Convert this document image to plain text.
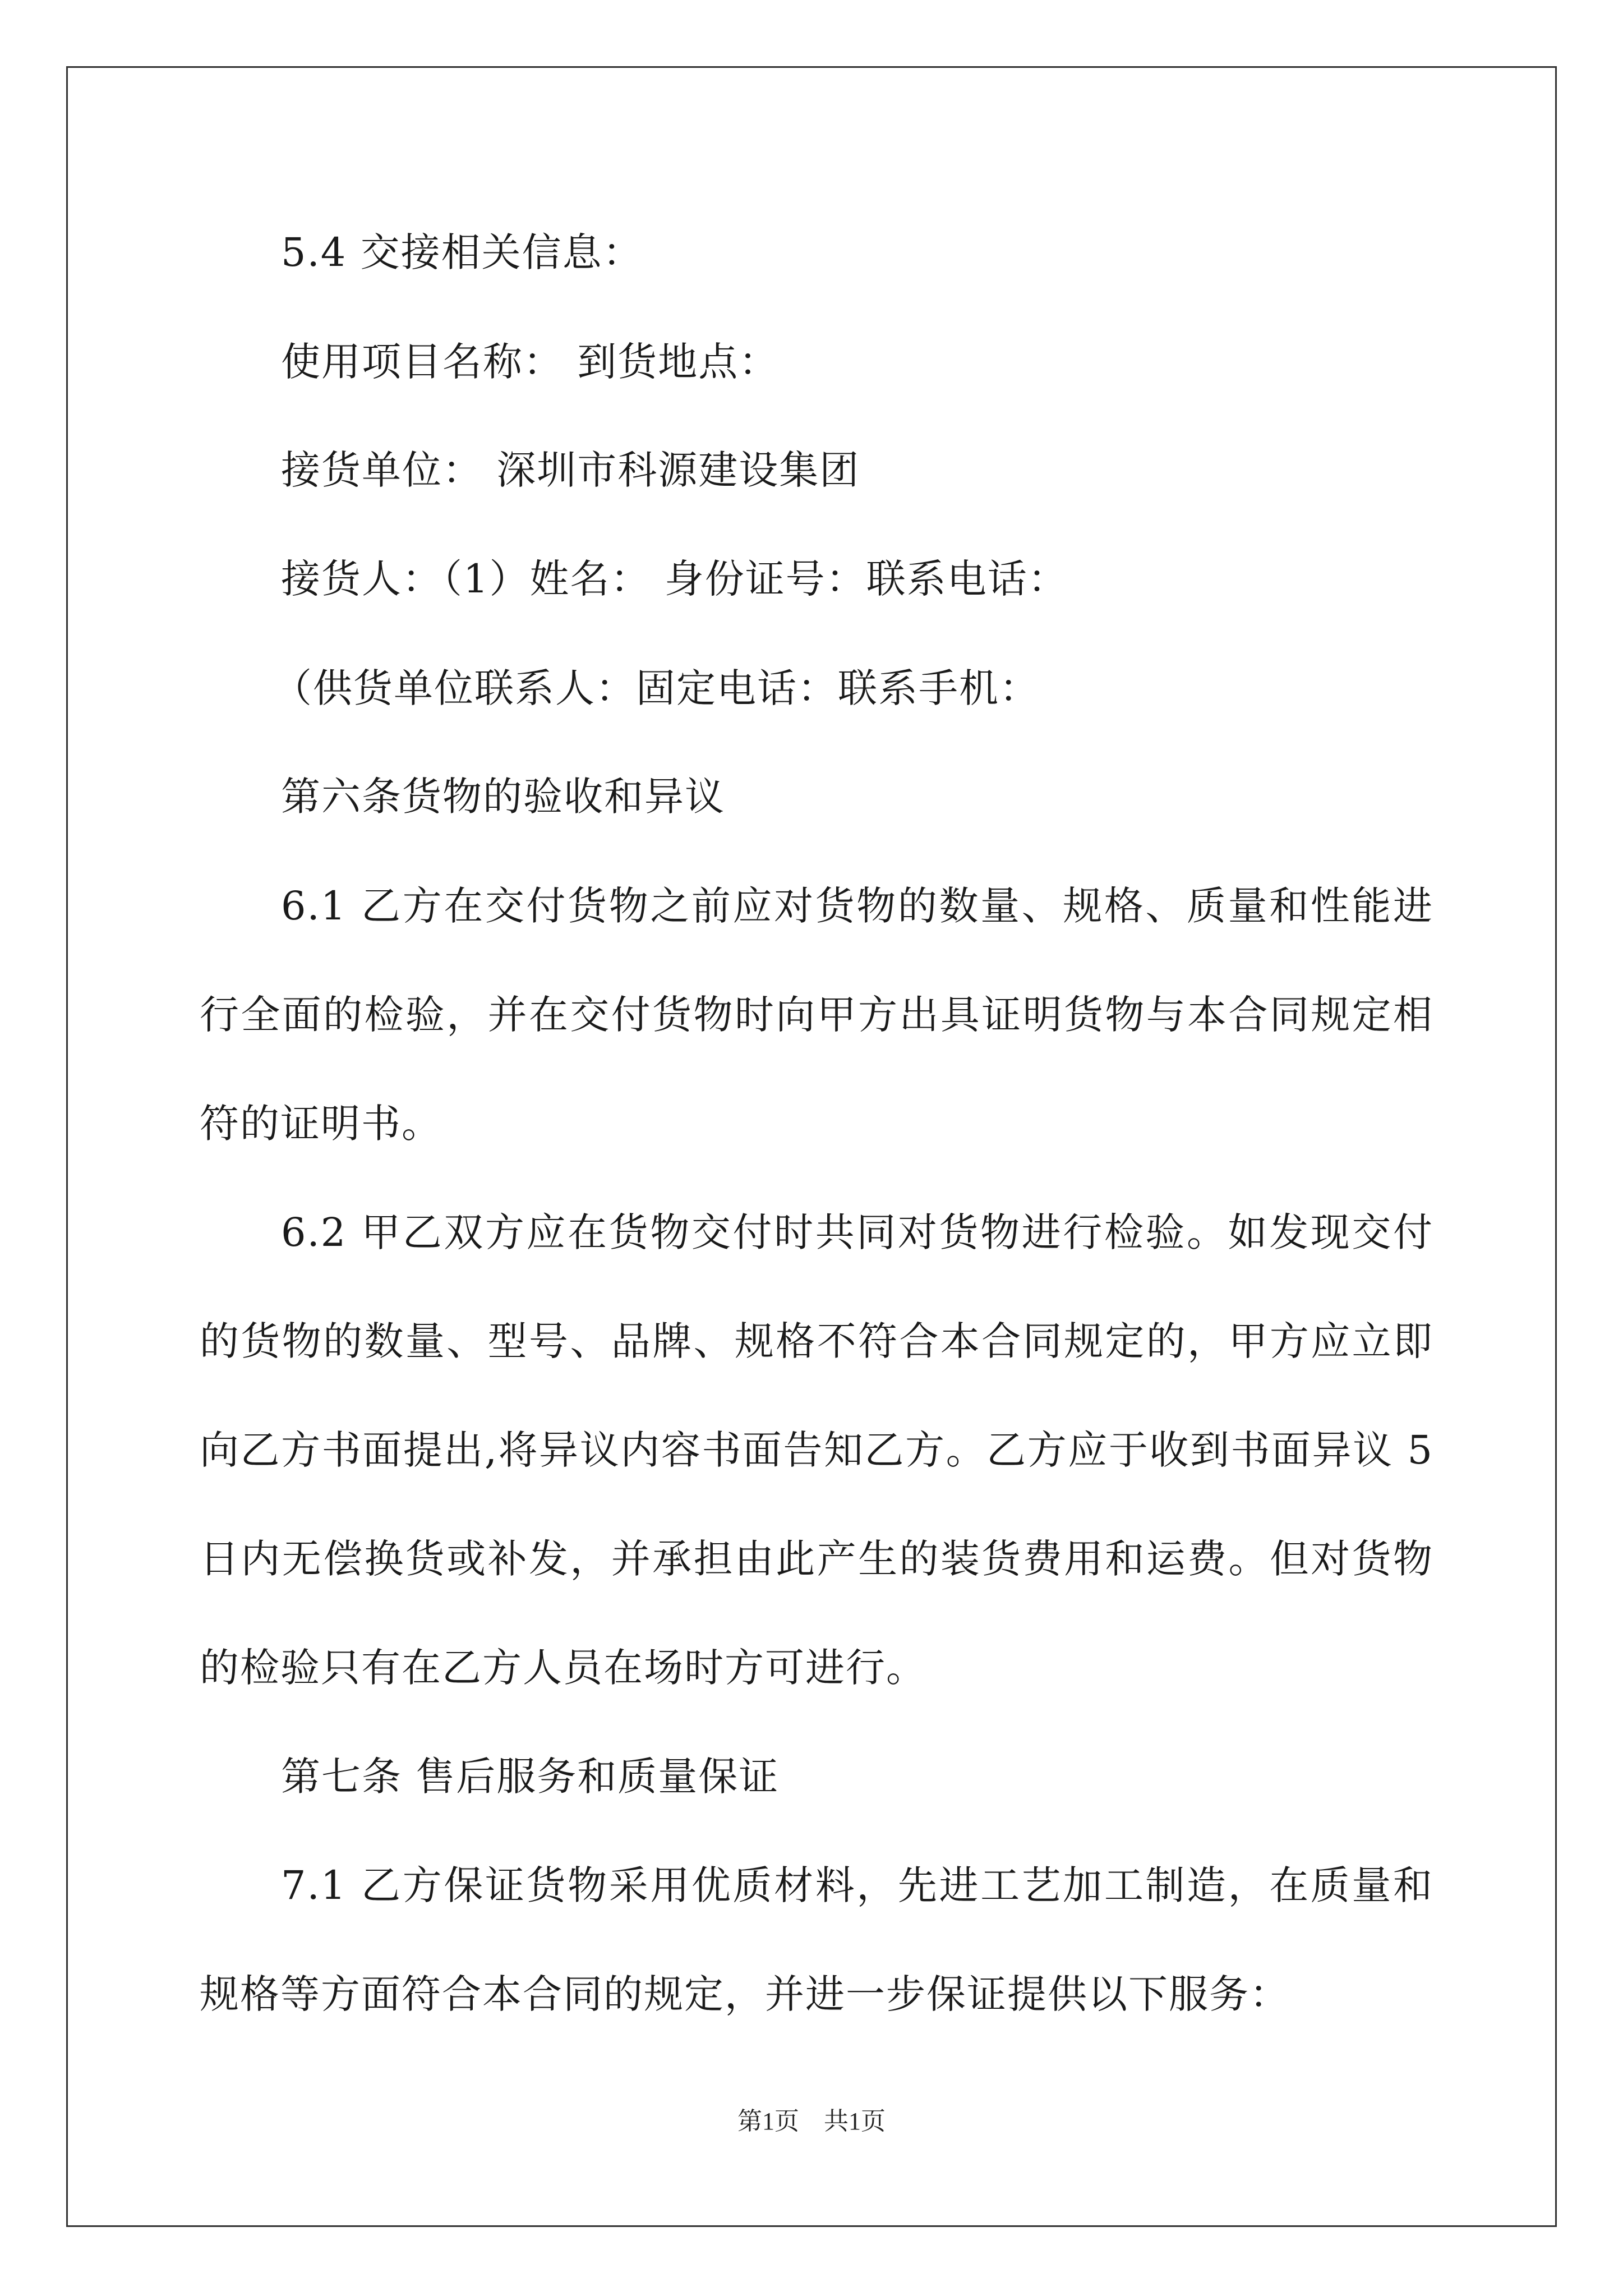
5.4 交接相关信息：
使用项目名称： 到货地点：
接货单位： 深圳市科源建设集团
接货人：（1）姓名： 身份证号：联系电话：
（供货单位联系人：固定电话：联系手机：
第六条货物的验收和异议
6.1 乙方在交付货物之前应对货物的数量、规格、质量和性能进
行全面的检验，并在交付货物时向甲方出具证明货物与本合同规定相
符的证明书。
6.2 甲乙双方应在货物交付时共同对货物进行检验。如发现交付
的货物的数量、型号、品牌、规格不符合本合同规定的，甲方应立即
向乙方书面提出,将异议内容书面告知乙方。乙方应于收到书面异议 5
日内无偿换货或补发，并承担由此产生的装货费用和运费。但对货物
的检验只有在乙方人员在场时方可进行。
第七条 售后服务和质量保证
7.1 乙方保证货物采用优质材料，先进工艺加工制造，在质量和
规格等方面符合本合同的规定，并进一步保证提供以下服务：
第1页　共1页
